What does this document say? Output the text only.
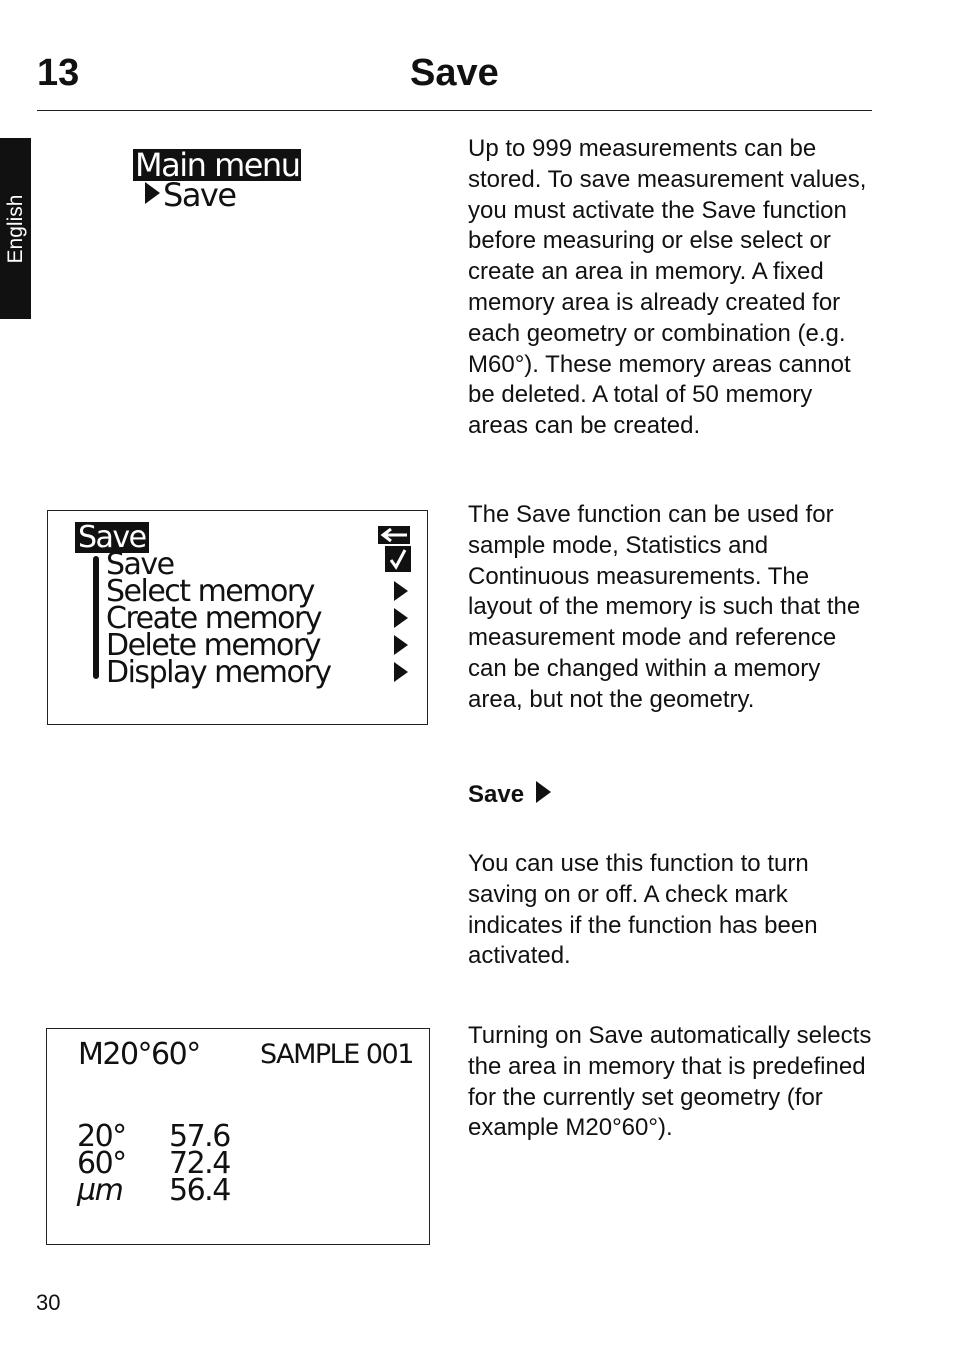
13	Save
English
Main menu
Save
Save
Save
Select memory
Create memory
Delete memory
Display memory
M20°60° SAMPLE 001
20° 57.6
60° 72.4
µm 56.4

Up to 999 measurements can be stored. To save measurement values, you must activate the Save function before measuring or else select or create an area in memory. A fixed memory area is already created for each geometry or combination (e.g. M60°). These memory areas cannot be deleted. A total of 50 memory areas can be created.

The Save function can be used for sample mode, Statistics and Continuous measurements. The layout of the memory is such that the measurement mode and reference can be changed within a memory area, but not the geometry.

Save

You can use this function to turn saving on or off. A check mark indicates if the function has been activated.

Turning on Save automatically selects the area in memory that is predefined for the currently set geometry (for example M20°60°).

30
